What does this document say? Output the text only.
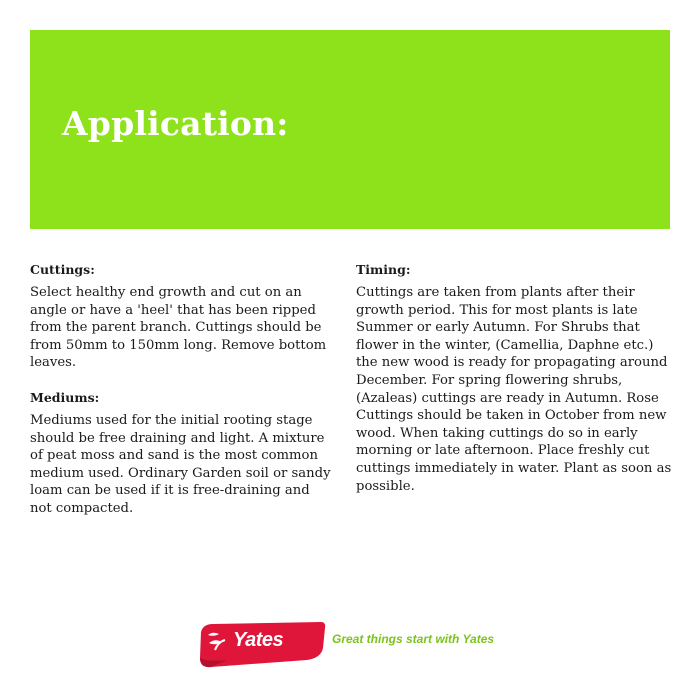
Application:

Cuttings:

Select healthy end growth and cut on an angle or have a 'heel' that has been ripped from the parent branch. Cuttings should be from 50mm to 150mm long. Remove bottom leaves.

Mediums:

Mediums used for the initial rooting stage should be free draining and light. A mixture of peat moss and sand is the most common medium used. Ordinary Garden soil or sandy loam can be used if it is free-draining and not compacted.

Timing:

Cuttings are taken from plants after their growth period. This for most plants is late Summer or early Autumn. For Shrubs that flower in the winter, (Camellia, Daphne etc.) the new wood is ready for propagating around December. For spring flowering shrubs, (Azaleas) cuttings are ready in Autumn. Rose Cuttings should be taken in October from new wood. When taking cuttings do so in early morning or late afternoon. Place freshly cut cuttings immediately in water. Plant as soon as possible.

Yates	Great things start with Yates
